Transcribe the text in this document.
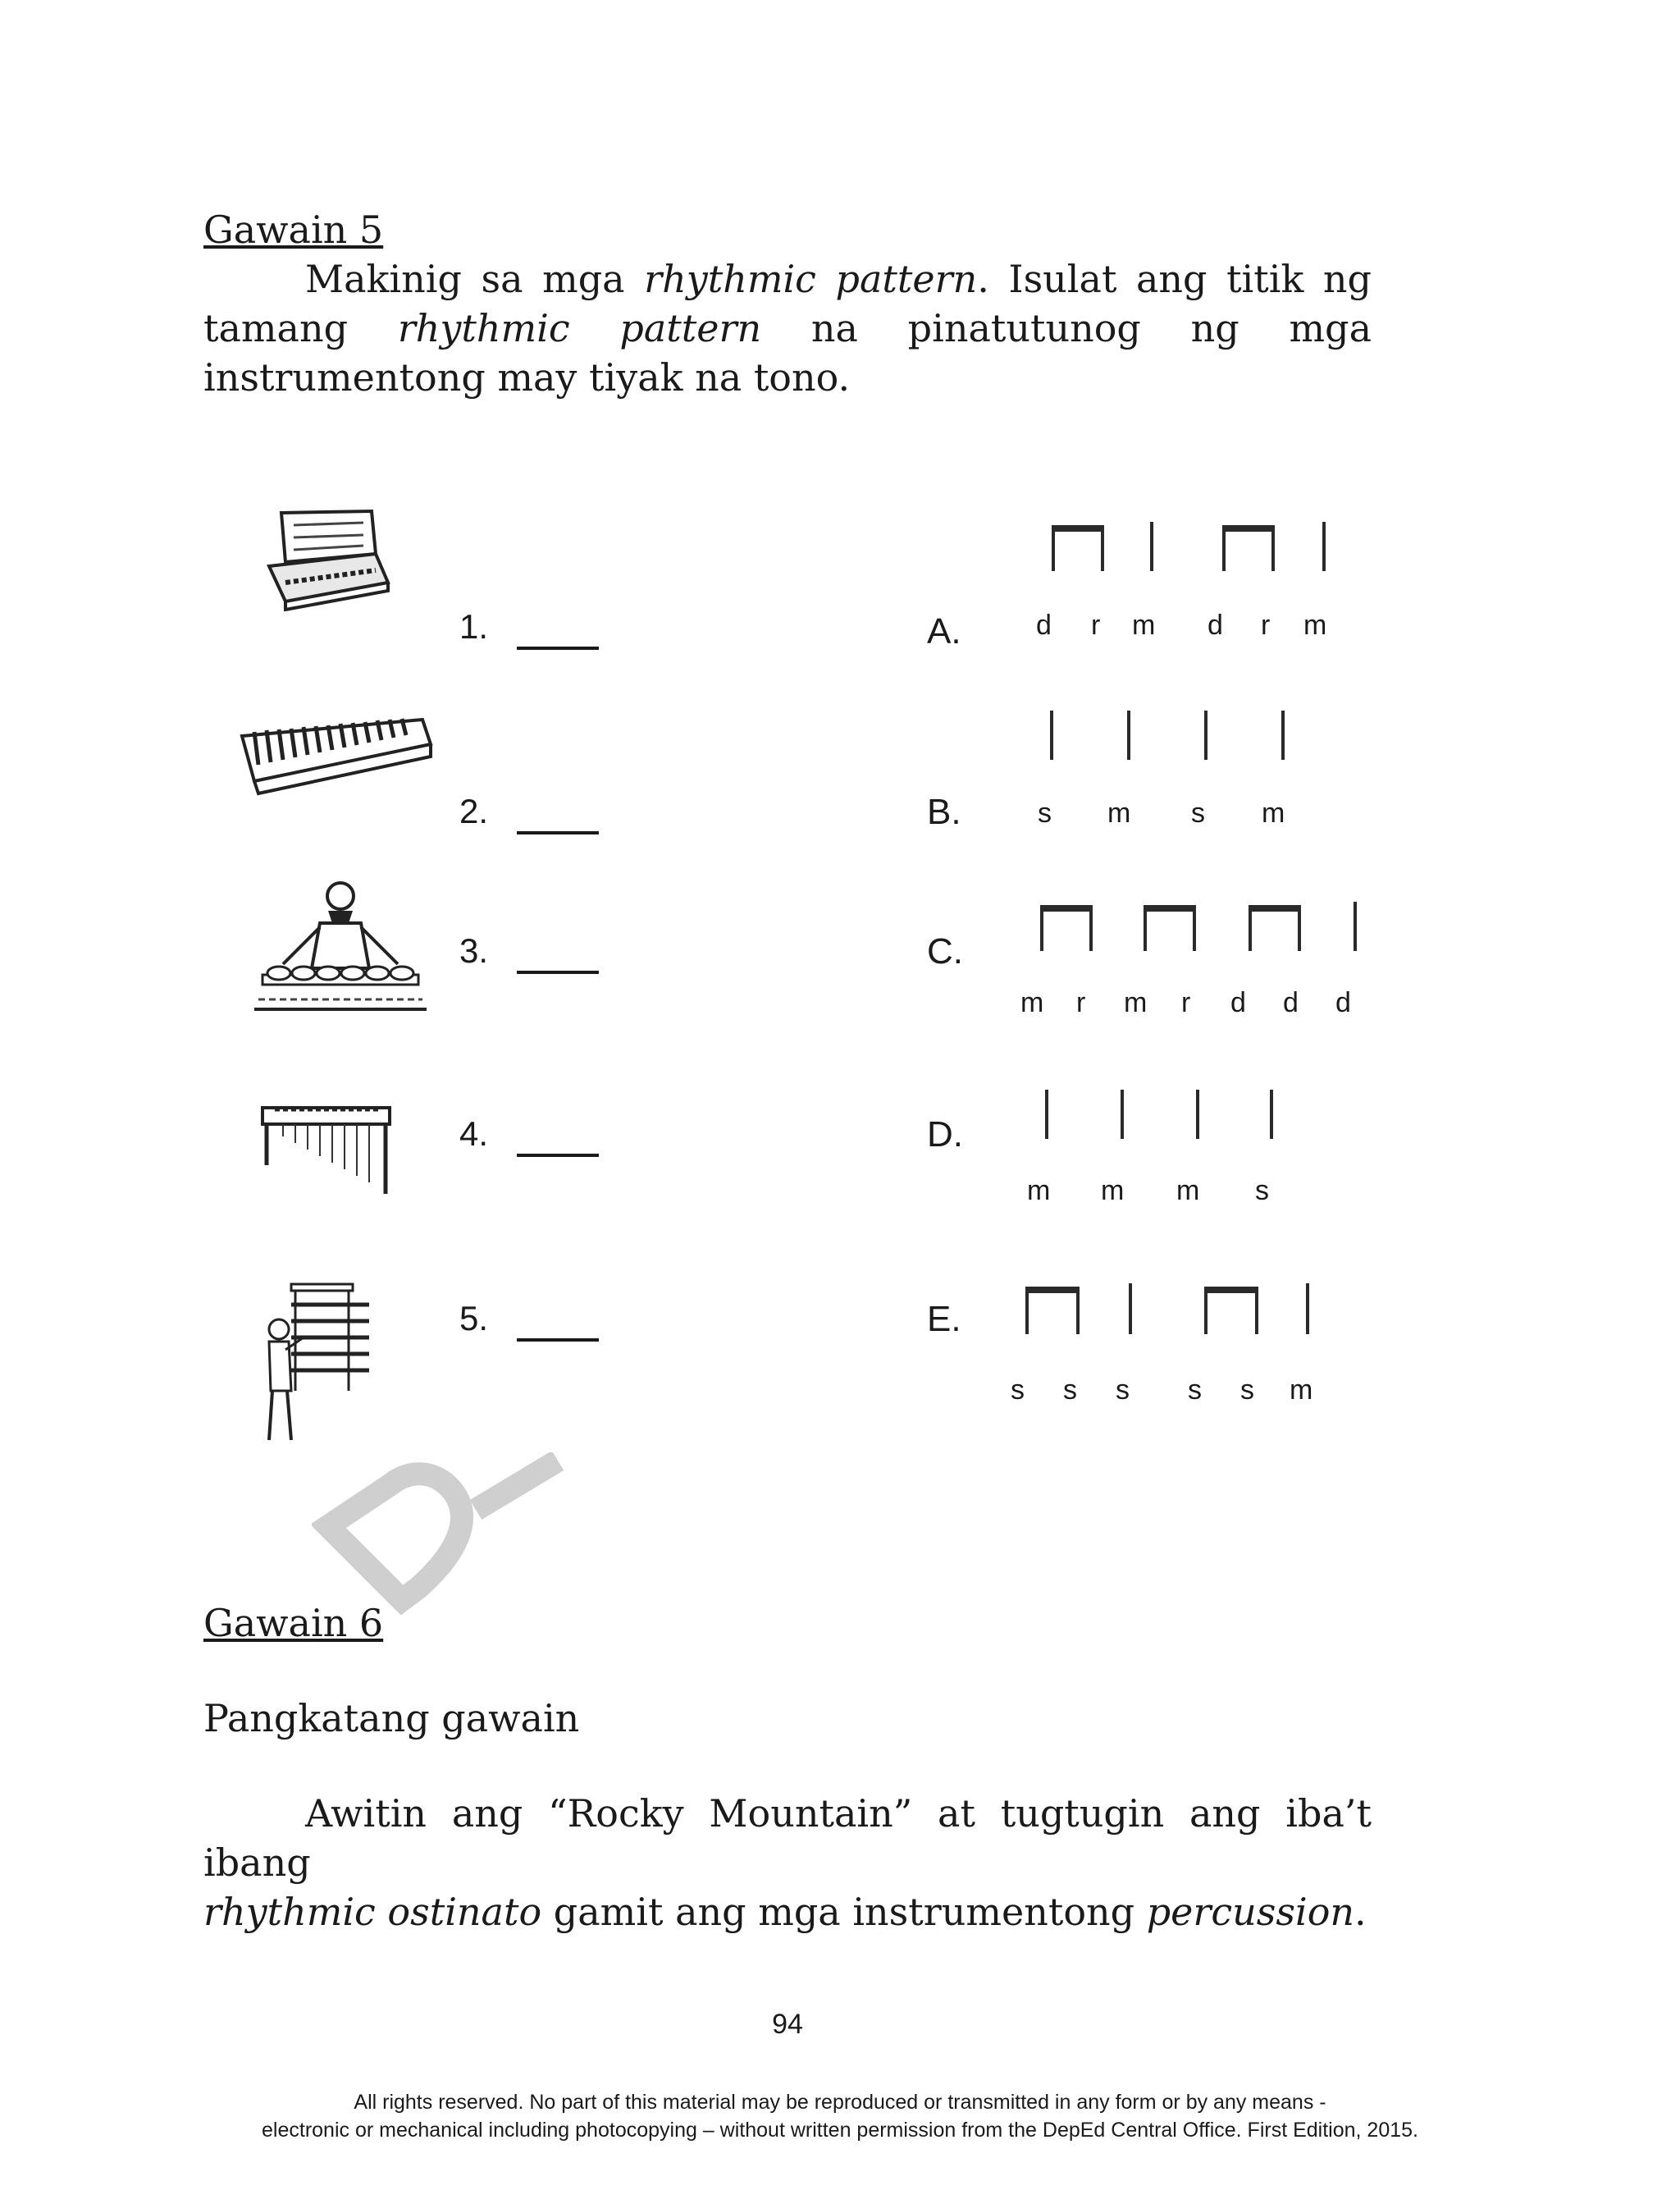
Gawain 5
Makinig sa mga rhythmic pattern. Isulat ang titik ng tamang rhythmic pattern na pinatutunog ng mga instrumentong may tiyak na tono.
1.
2.
3.
4.
5.
A.	d r m d r m
B.	s m s m
C.
m r m r d d d
D.
m m m s
E.
s s s s s m
Gawain 6
Pangkatang gawain
Awitin ang “Rocky Mountain” at tugtugin ang iba’t ibang
rhythmic ostinato gamit ang mga instrumentong percussion.
94
All rights reserved. No part of this material may be reproduced or transmitted in any form or by any means -
electronic or mechanical including photocopying – without written permission from the DepEd Central Office. First Edition, 2015.
